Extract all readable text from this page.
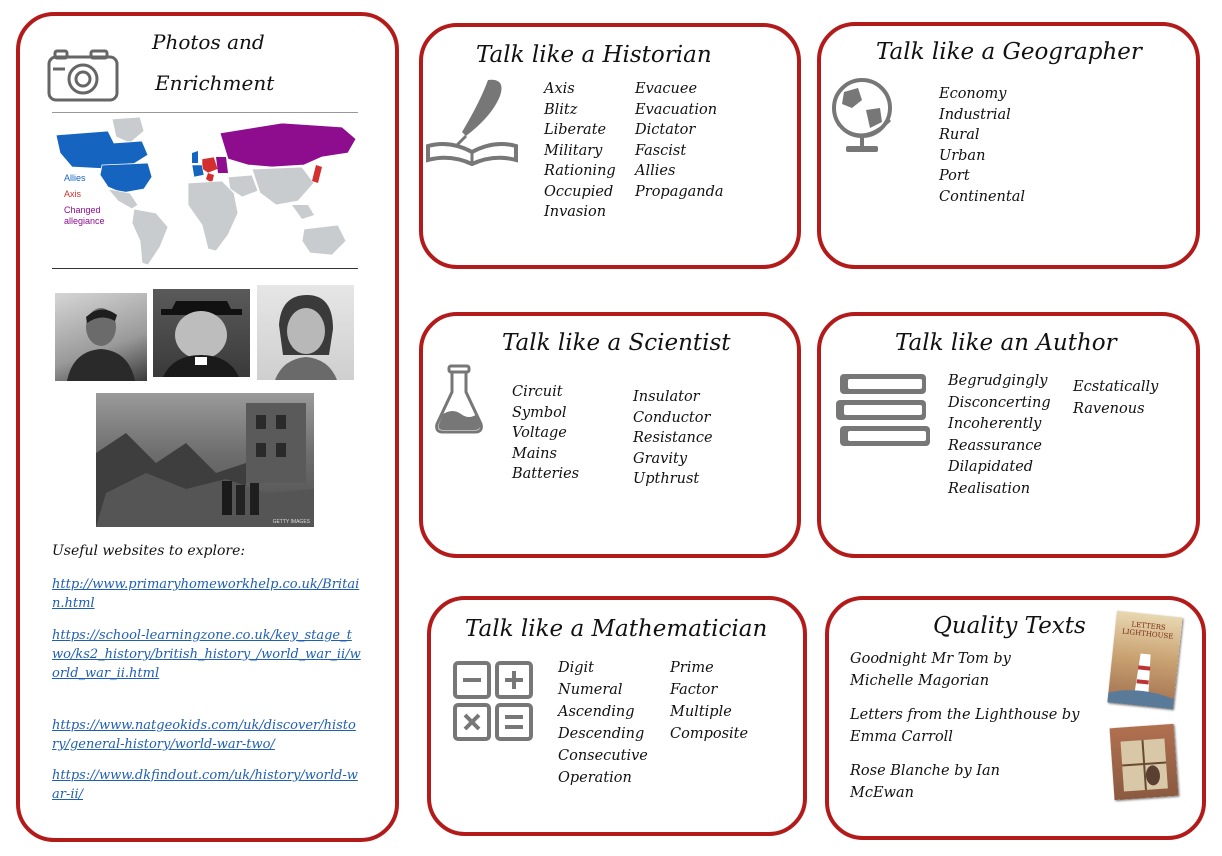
Photos and
Enrichment
Allies
Axis
Changed allegiance
GETTY IMAGES
Useful websites to explore:
http://www.primaryhomeworkhelp.co.uk/Britain.html
https://school-learningzone.co.uk/key_stage_two/ks2_history/british_history_/world_war_ii/world_war_ii.html
https://www.natgeokids.com/uk/discover/history/general-history/world-war-two/
https://www.dkfindout.com/uk/history/world-war-ii/
Talk like a Historian
Axis
Blitz
Liberate
Military
Rationing
Occupied
Invasion
Evacuee
Evacuation
Dictator
Fascist
Allies
Propaganda
Talk like a Geographer
Economy
Industrial
Rural
Urban
Port
Continental
Talk like a Scientist
Circuit
Symbol
Voltage
Mains
Batteries
Insulator
Conductor
Resistance
Gravity
Upthrust
Talk like an Author
Begrudgingly
Disconcerting
Incoherently
Reassurance
Dilapidated
Realisation
Ecstatically
Ravenous
Talk like a Mathematician
Digit
Numeral
Ascending
Descending
Consecutive
Operation
Prime
Factor
Multiple
Composite
Quality Texts
Goodnight Mr Tom by Michelle Magorian
Letters from the Lighthouse by Emma Carroll
Rose Blanche by Ian McEwan
LETTERS LIGHTHOUSE
